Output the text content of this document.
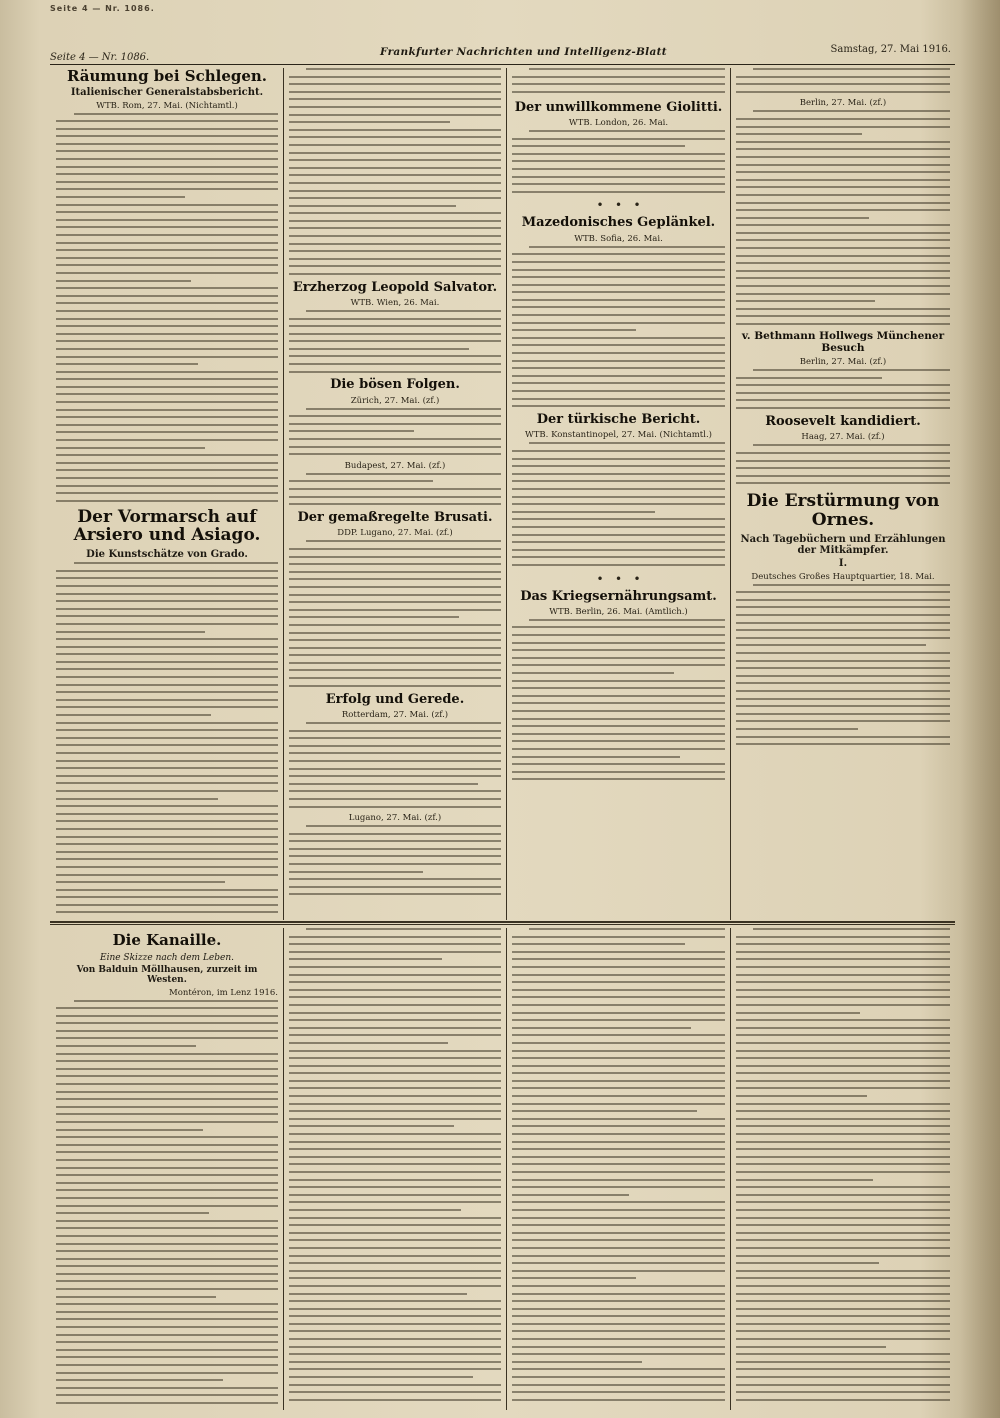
Seite 4 — Nr. 1086.
Seite 4 — Nr. 1086.	Frankfurter Nachrichten und Intelligenz-Blatt	Samstag, 27. Mai 1916.
Räumung bei Schlegen.
Italienischer Generalstabsbericht.
WTB. Rom, 27. Mai. (Nichtamtl.)
Der Vormarsch auf Arsiero und Asiago.
Die Kunstschätze von Grado.
Erzherzog Leopold Salvator.
WTB. Wien, 26. Mai.
Die bösen Folgen.
Zürich, 27. Mai. (zf.)
Budapest, 27. Mai. (zf.)
Der gemaßregelte Brusati.
DDP. Lugano, 27. Mai. (zf.)
Erfolg und Gerede.
Rotterdam, 27. Mai. (zf.)
Lugano, 27. Mai. (zf.)
Der unwillkommene Giolitti.
WTB. London, 26. Mai.
•   •   •
Mazedonisches Geplänkel.
WTB. Sofia, 26. Mai.
Der türkische Bericht.
WTB. Konstantinopel, 27. Mai. (Nichtamtl.)
•   •   •
Das Kriegsernährungsamt.
WTB. Berlin, 26. Mai. (Amtlich.)
Berlin, 27. Mai. (zf.)
v. Bethmann Hollwegs Münchener Besuch
Berlin, 27. Mai. (zf.)
Roosevelt kandidiert.
Haag, 27. Mai. (zf.)
Die Erstürmung von Ornes.
Nach Tagebüchern und Erzählungen der Mitkämpfer.
I.
Deutsches Großes Hauptquartier, 18. Mai.
Die Kanaille.
Eine Skizze nach dem Leben.
Von Balduin Möllhausen, zurzeit im Westen.
Montéron, im Lenz 1916.
